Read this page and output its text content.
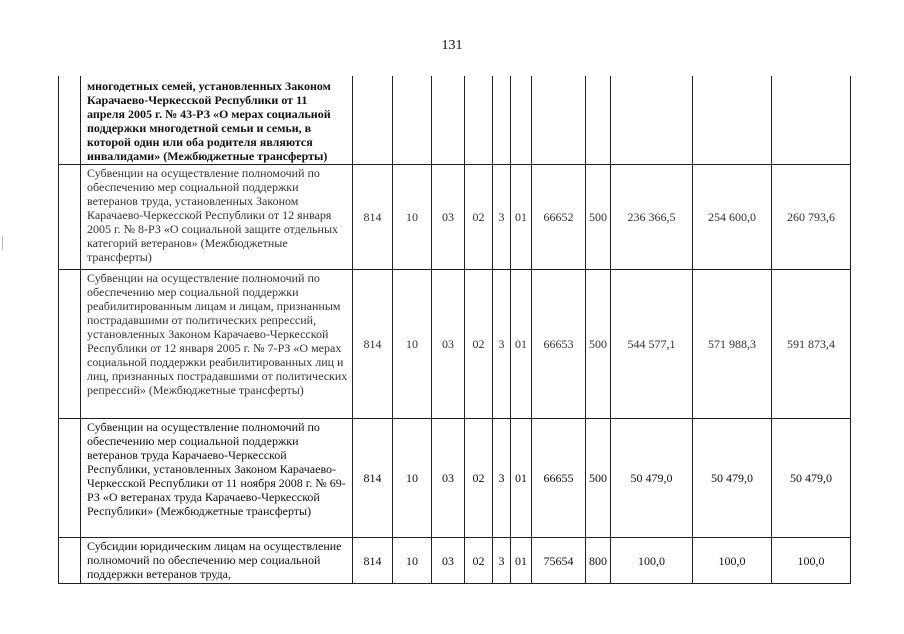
131
	многодетных семей, установленных Законом Карачаево-Черкесской Республики от 11 апреля 2005 г. № 43-РЗ «О мерах социальной поддержки многодетной семьи и семьи, в которой один или оба родителя являются инвалидами» (Межбюджетные трансферты)											
	Субвенции на осуществление полномочий по обеспечению мер социальной поддержки ветеранов труда, установленных Законом Карачаево-Черкесской Республики от 12 января 2005 г. № 8-РЗ «О социальной защите отдельных категорий ветеранов» (Межбюджетные трансферты)	814	10	03	02	3	01	66652	500	236 366,5	254 600,0	260 793,6
	Субвенции на осуществление полномочий по обеспечению мер социальной поддержки реабилитированным лицам и лицам, признанным пострадавшими от политических репрессий, установленных Законом Карачаево-Черкесской Республики от 12 января 2005 г. № 7-РЗ «О мерах социальной поддержки реабилитированных лиц и лиц, признанных пострадавшими от политических репрессий» (Межбюджетные трансферты)	814	10	03	02	3	01	66653	500	544 577,1	571 988,3	591 873,4
	Субвенции на осуществление полномочий по обеспечению мер социальной поддержки ветеранов труда Карачаево-Черкесской Республики, установленных Законом Карачаево-Черкесской Республики от 11 ноября 2008 г. № 69-РЗ «О ветеранах труда Карачаево-Черкесской Республики» (Межбюджетные трансферты)	814	10	03	02	3	01	66655	500	50 479,0	50 479,0	50 479,0
	Субсидии юридическим лицам на осуществление полномочий по обеспечению мер социальной поддержки ветеранов труда,	814	10	03	02	3	01	75654	800	100,0	100,0	100,0
